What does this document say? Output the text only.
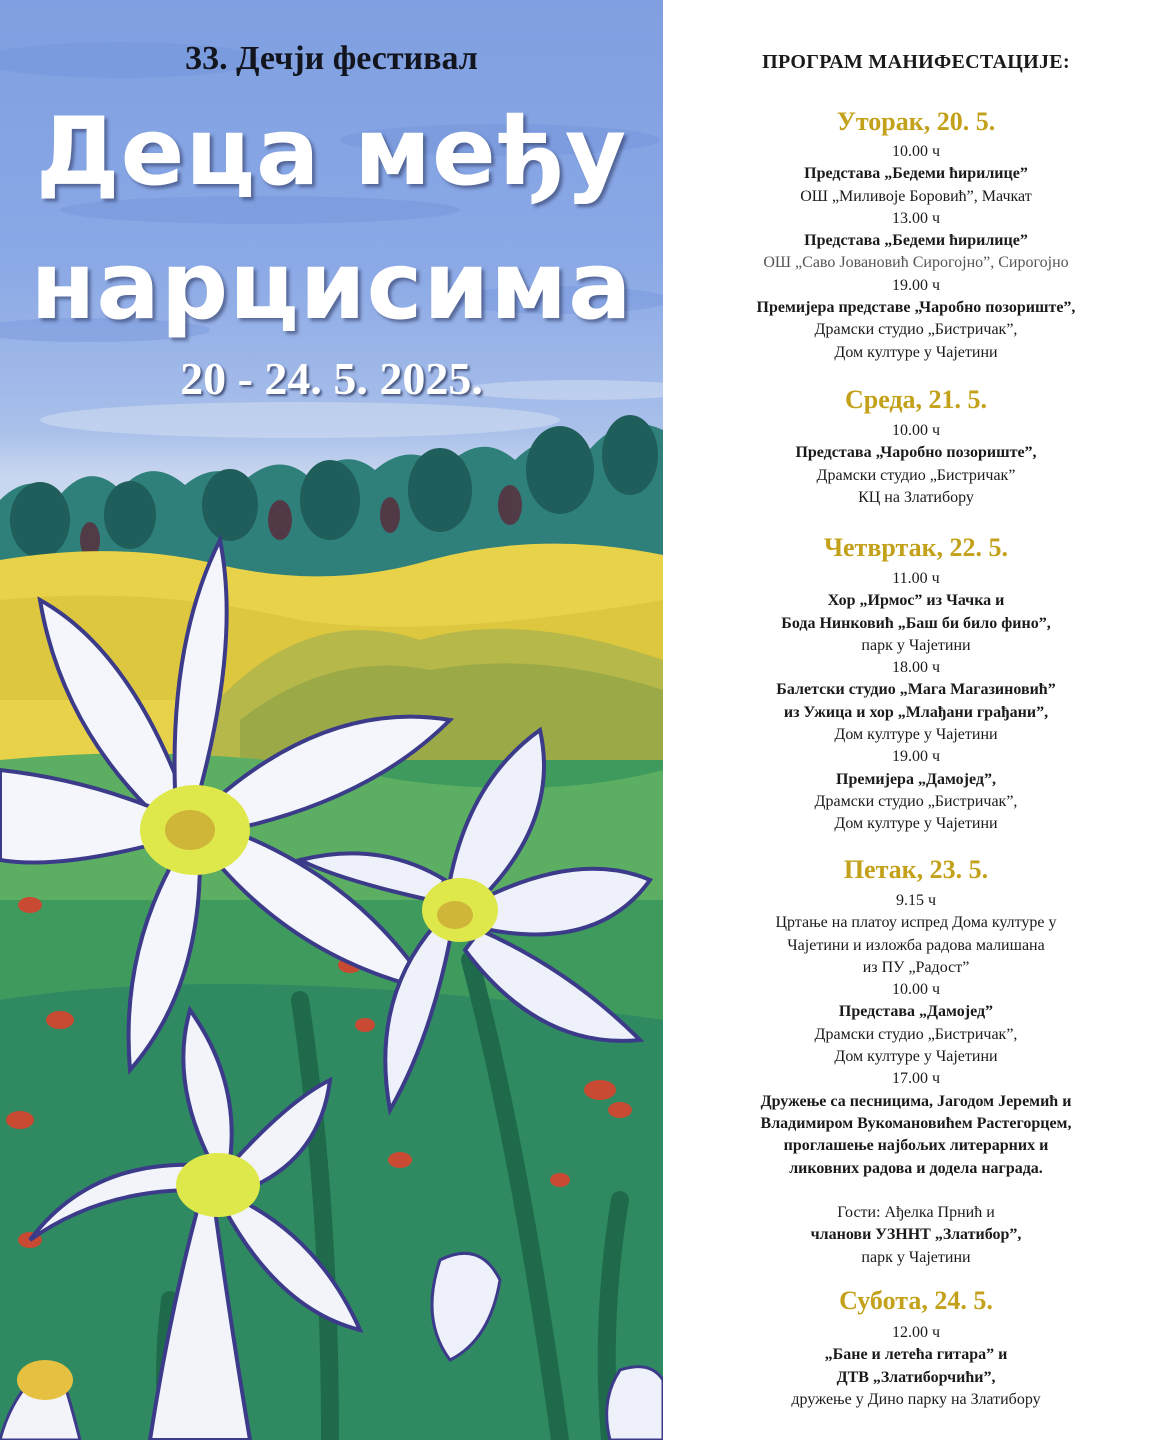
33. Дечји фестивал
Деца међу
нарцисима
20 - 24. 5. 2025.
ПРОГРАМ МАНИФЕСТАЦИЈЕ:
Уторак, 20. 5.
10.00 ч
Представа „Бедеми ћирилице”
ОШ „Миливоје Боровић”, Мачкат
13.00 ч
Представа „Бедеми ћирилице”
ОШ „Саво Јовановић Сирогојно”, Сирогојно
19.00 ч
Премијера представе „Чаробно позориште”,
Драмски студио „Бистричак”,
Дом културе у Чајетини
Среда, 21. 5.
10.00 ч
Представа „Чаробно позориште”,
Драмски студио „Бистричак”
КЦ на Златибору
Четвртак, 22. 5.
11.00 ч
Хор „Ирмос” из Чачка и
Бода Нинковић „Баш би било фино”,
парк у Чајетини
18.00 ч
Балетски студио „Мага Магазиновић”
из Ужица и хор „Млађани грађани”,
Дом културе у Чајетини
19.00 ч
Премијера „Дамојед”,
Драмски студио „Бистричак”,
Дом културе у Чајетини
Петак, 23. 5.
9.15 ч
Цртање на платоу испред Дома културе у
Чајетини и изложба радова малишана
из ПУ „Радост”
10.00 ч
Представа „Дамојед”
Драмски студио „Бистричак”,
Дом културе у Чајетини
17.00 ч
Дружење са песницима, Јагодом Јеремић и
Владимиром Вукомановићем Растегорцем,
проглашење најбољих литерарних и
ликовних радова и додела награда.

Гости: Ађелка Прнић и
чланови УЗННТ „Златибор”,
парк у Чајетини
Субота, 24. 5.
12.00 ч
„Бане и летећа гитара” и
ДТВ „Златиборчићи”,
дружење у Дино парку на Златибору
